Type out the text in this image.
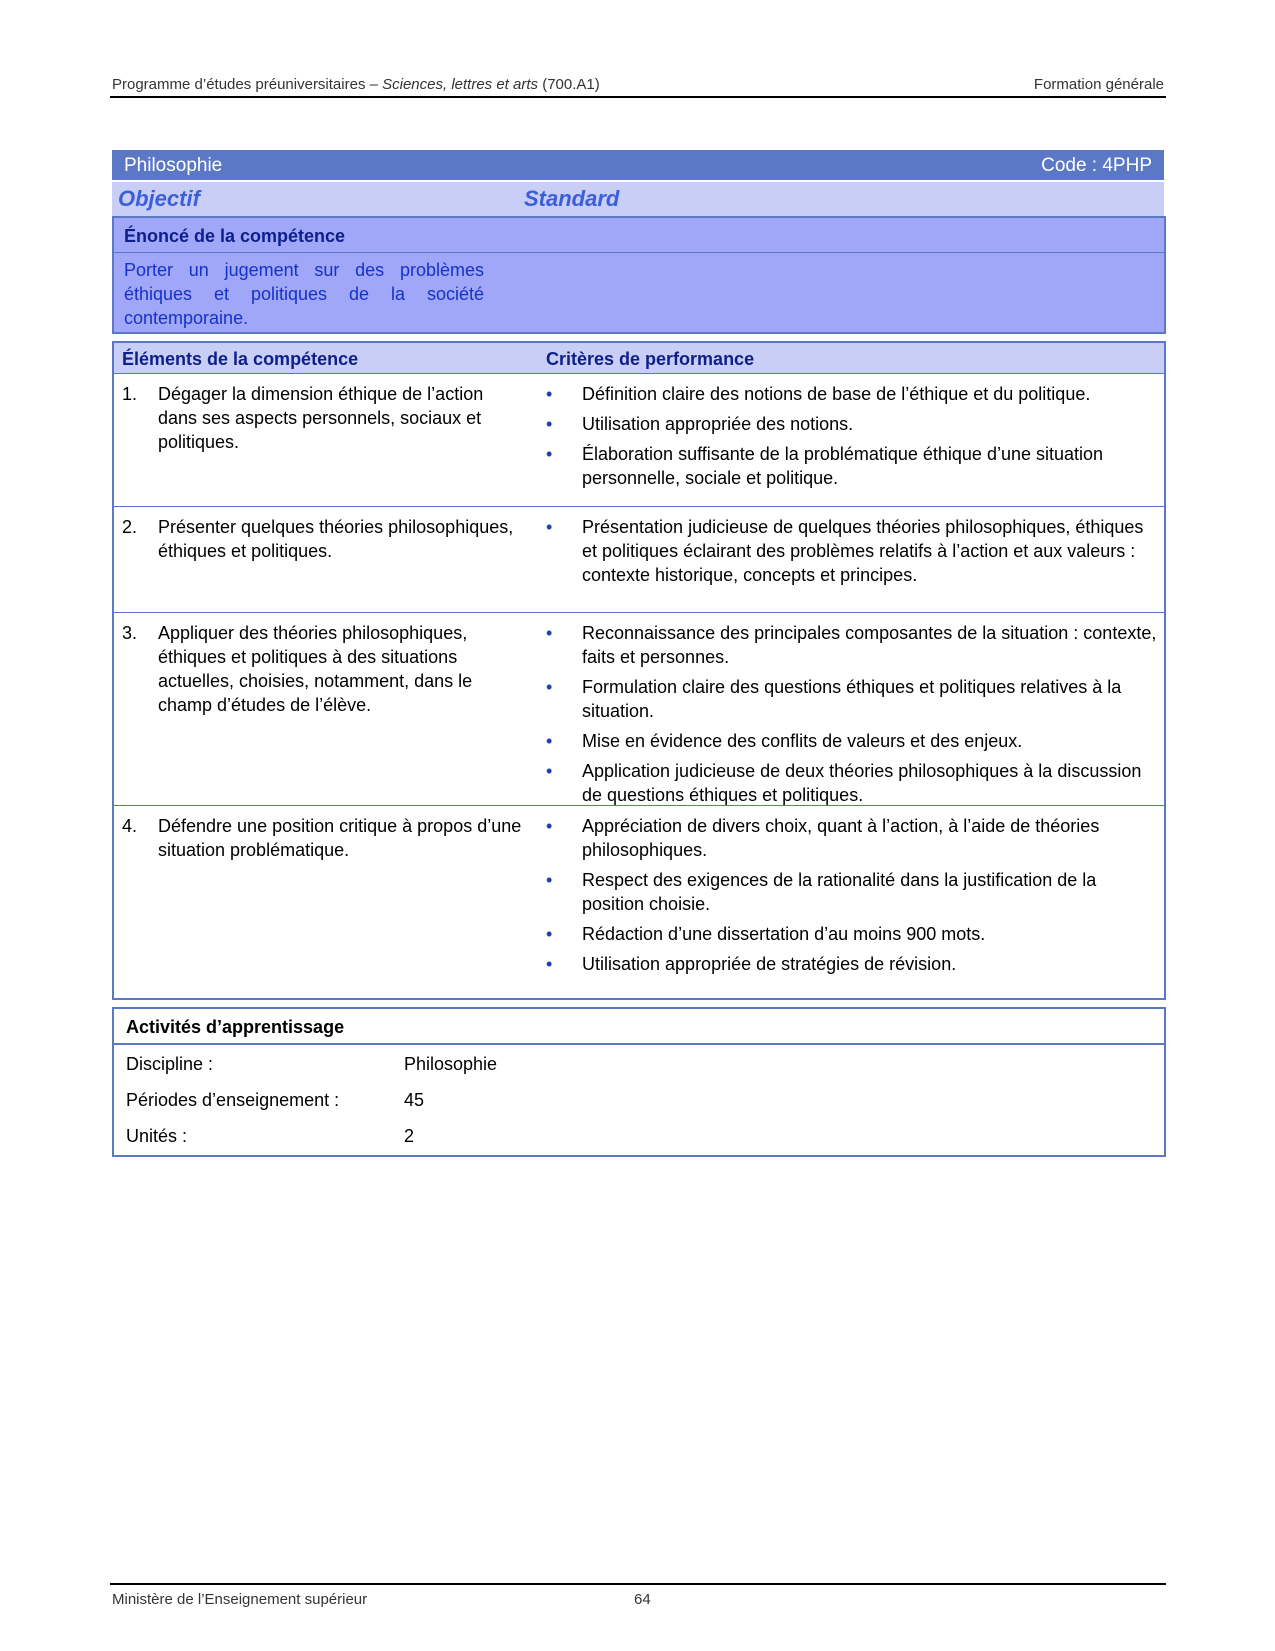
Programme d’études préuniversitaires – Sciences, lettres et arts (700.A1)	Formation générale
Philosophie	Code : 4PHP
Objectif	Standard
Énoncé de la compétence
Porter un jugement sur des problèmes éthiques et politiques de la société contemporaine.
Éléments de la compétence	Critères de performance
1. Dégager la dimension éthique de l’action dans ses aspects personnels, sociaux et politiques.
• Définition claire des notions de base de l’éthique et du politique.
• Utilisation appropriée des notions.
• Élaboration suffisante de la problématique éthique d’une situation personnelle, sociale et politique.
2. Présenter quelques théories philosophiques, éthiques et politiques.
• Présentation judicieuse de quelques théories philosophiques, éthiques et politiques éclairant des problèmes relatifs à l’action et aux valeurs : contexte historique, concepts et principes.
3. Appliquer des théories philosophiques, éthiques et politiques à des situations actuelles, choisies, notamment, dans le champ d’études de l’élève.
• Reconnaissance des principales composantes de la situation : contexte, faits et personnes.
• Formulation claire des questions éthiques et politiques relatives à la situation.
• Mise en évidence des conflits de valeurs et des enjeux.
• Application judicieuse de deux théories philosophiques à la discussion de questions éthiques et politiques.
4. Défendre une position critique à propos d’une situation problématique.
• Appréciation de divers choix, quant à l’action, à l’aide de théories philosophiques.
• Respect des exigences de la rationalité dans la justification de la position choisie.
• Rédaction d’une dissertation d’au moins 900 mots.
• Utilisation appropriée de stratégies de révision.
Activités d’apprentissage
Discipline :	Philosophie
Périodes d’enseignement :	45
Unités :	2
Ministère de l’Enseignement supérieur	64
